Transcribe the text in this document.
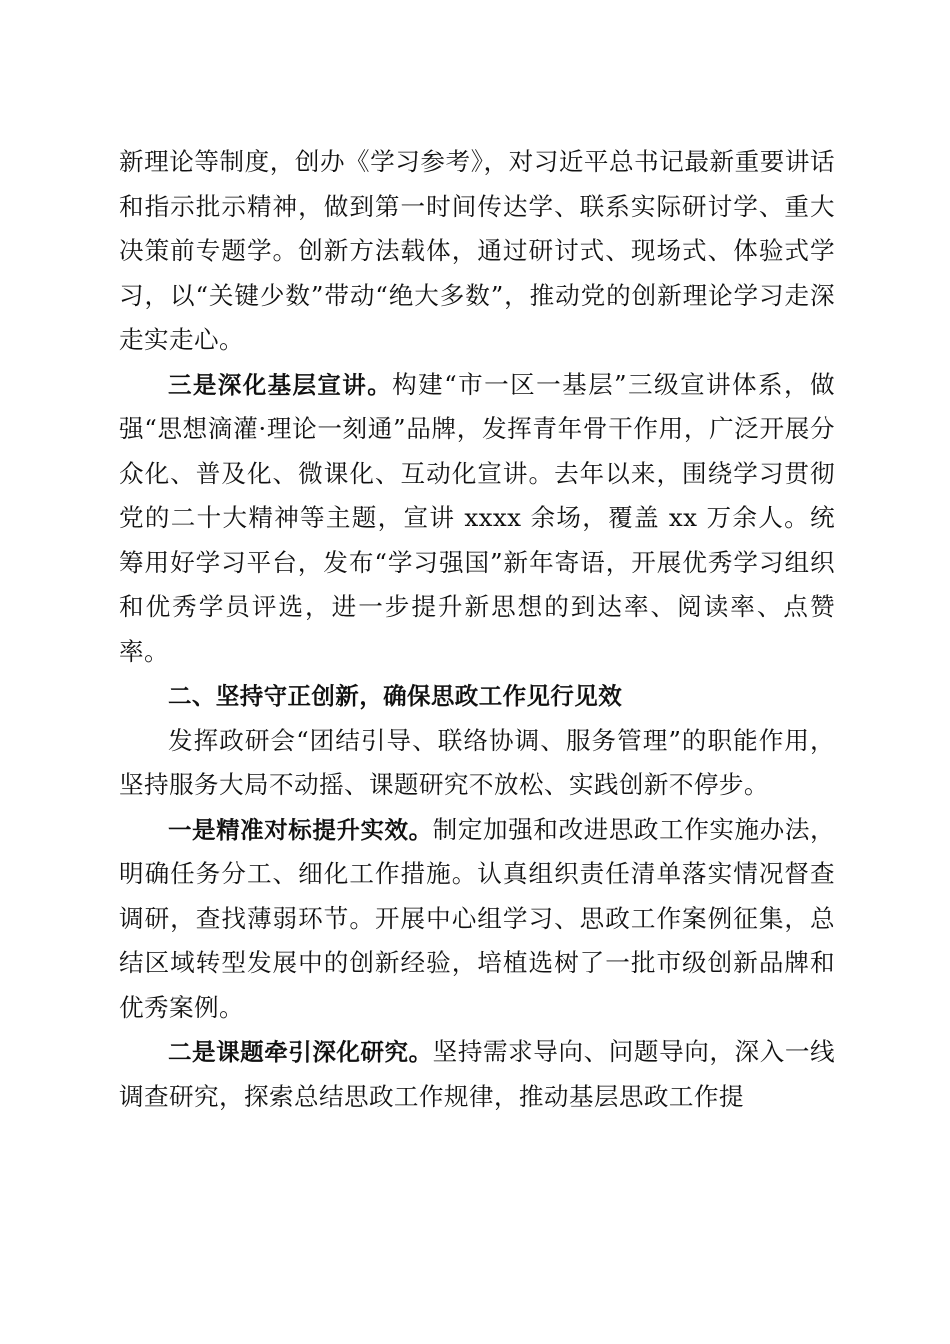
新理论等制度，创办《学习参考》，对习近平总书记最新重要讲话和指示批示精神，做到第一时间传达学、联系实际研讨学、重大决策前专题学。创新方法载体，通过研讨式、现场式、体验式学习，以“关键少数”带动“绝大多数”，推动党的创新理论学习走深走实走心。

三是深化基层宣讲。构建“市一区一基层”三级宣讲体系，做强“思想滴灌·理论一刻通”品牌，发挥青年骨干作用，广泛开展分众化、普及化、微课化、互动化宣讲。去年以来，围绕学习贯彻党的二十大精神等主题，宣讲 xxxx 余场，覆盖 xx 万余人。统筹用好学习平台，发布“学习强国”新年寄语，开展优秀学习组织和优秀学员评选，进一步提升新思想的到达率、阅读率、点赞率。

二、坚持守正创新，确保思政工作见行见效

发挥政研会“团结引导、联络协调、服务管理”的职能作用，坚持服务大局不动摇、课题研究不放松、实践创新不停步。

一是精准对标提升实效。制定加强和改进思政工作实施办法，明确任务分工、细化工作措施。认真组织责任清单落实情况督查调研，查找薄弱环节。开展中心组学习、思政工作案例征集，总结区域转型发展中的创新经验，培植选树了一批市级创新品牌和优秀案例。

二是课题牵引深化研究。坚持需求导向、问题导向，深入一线调查研究，探索总结思政工作规律，推动基层思政工作提
